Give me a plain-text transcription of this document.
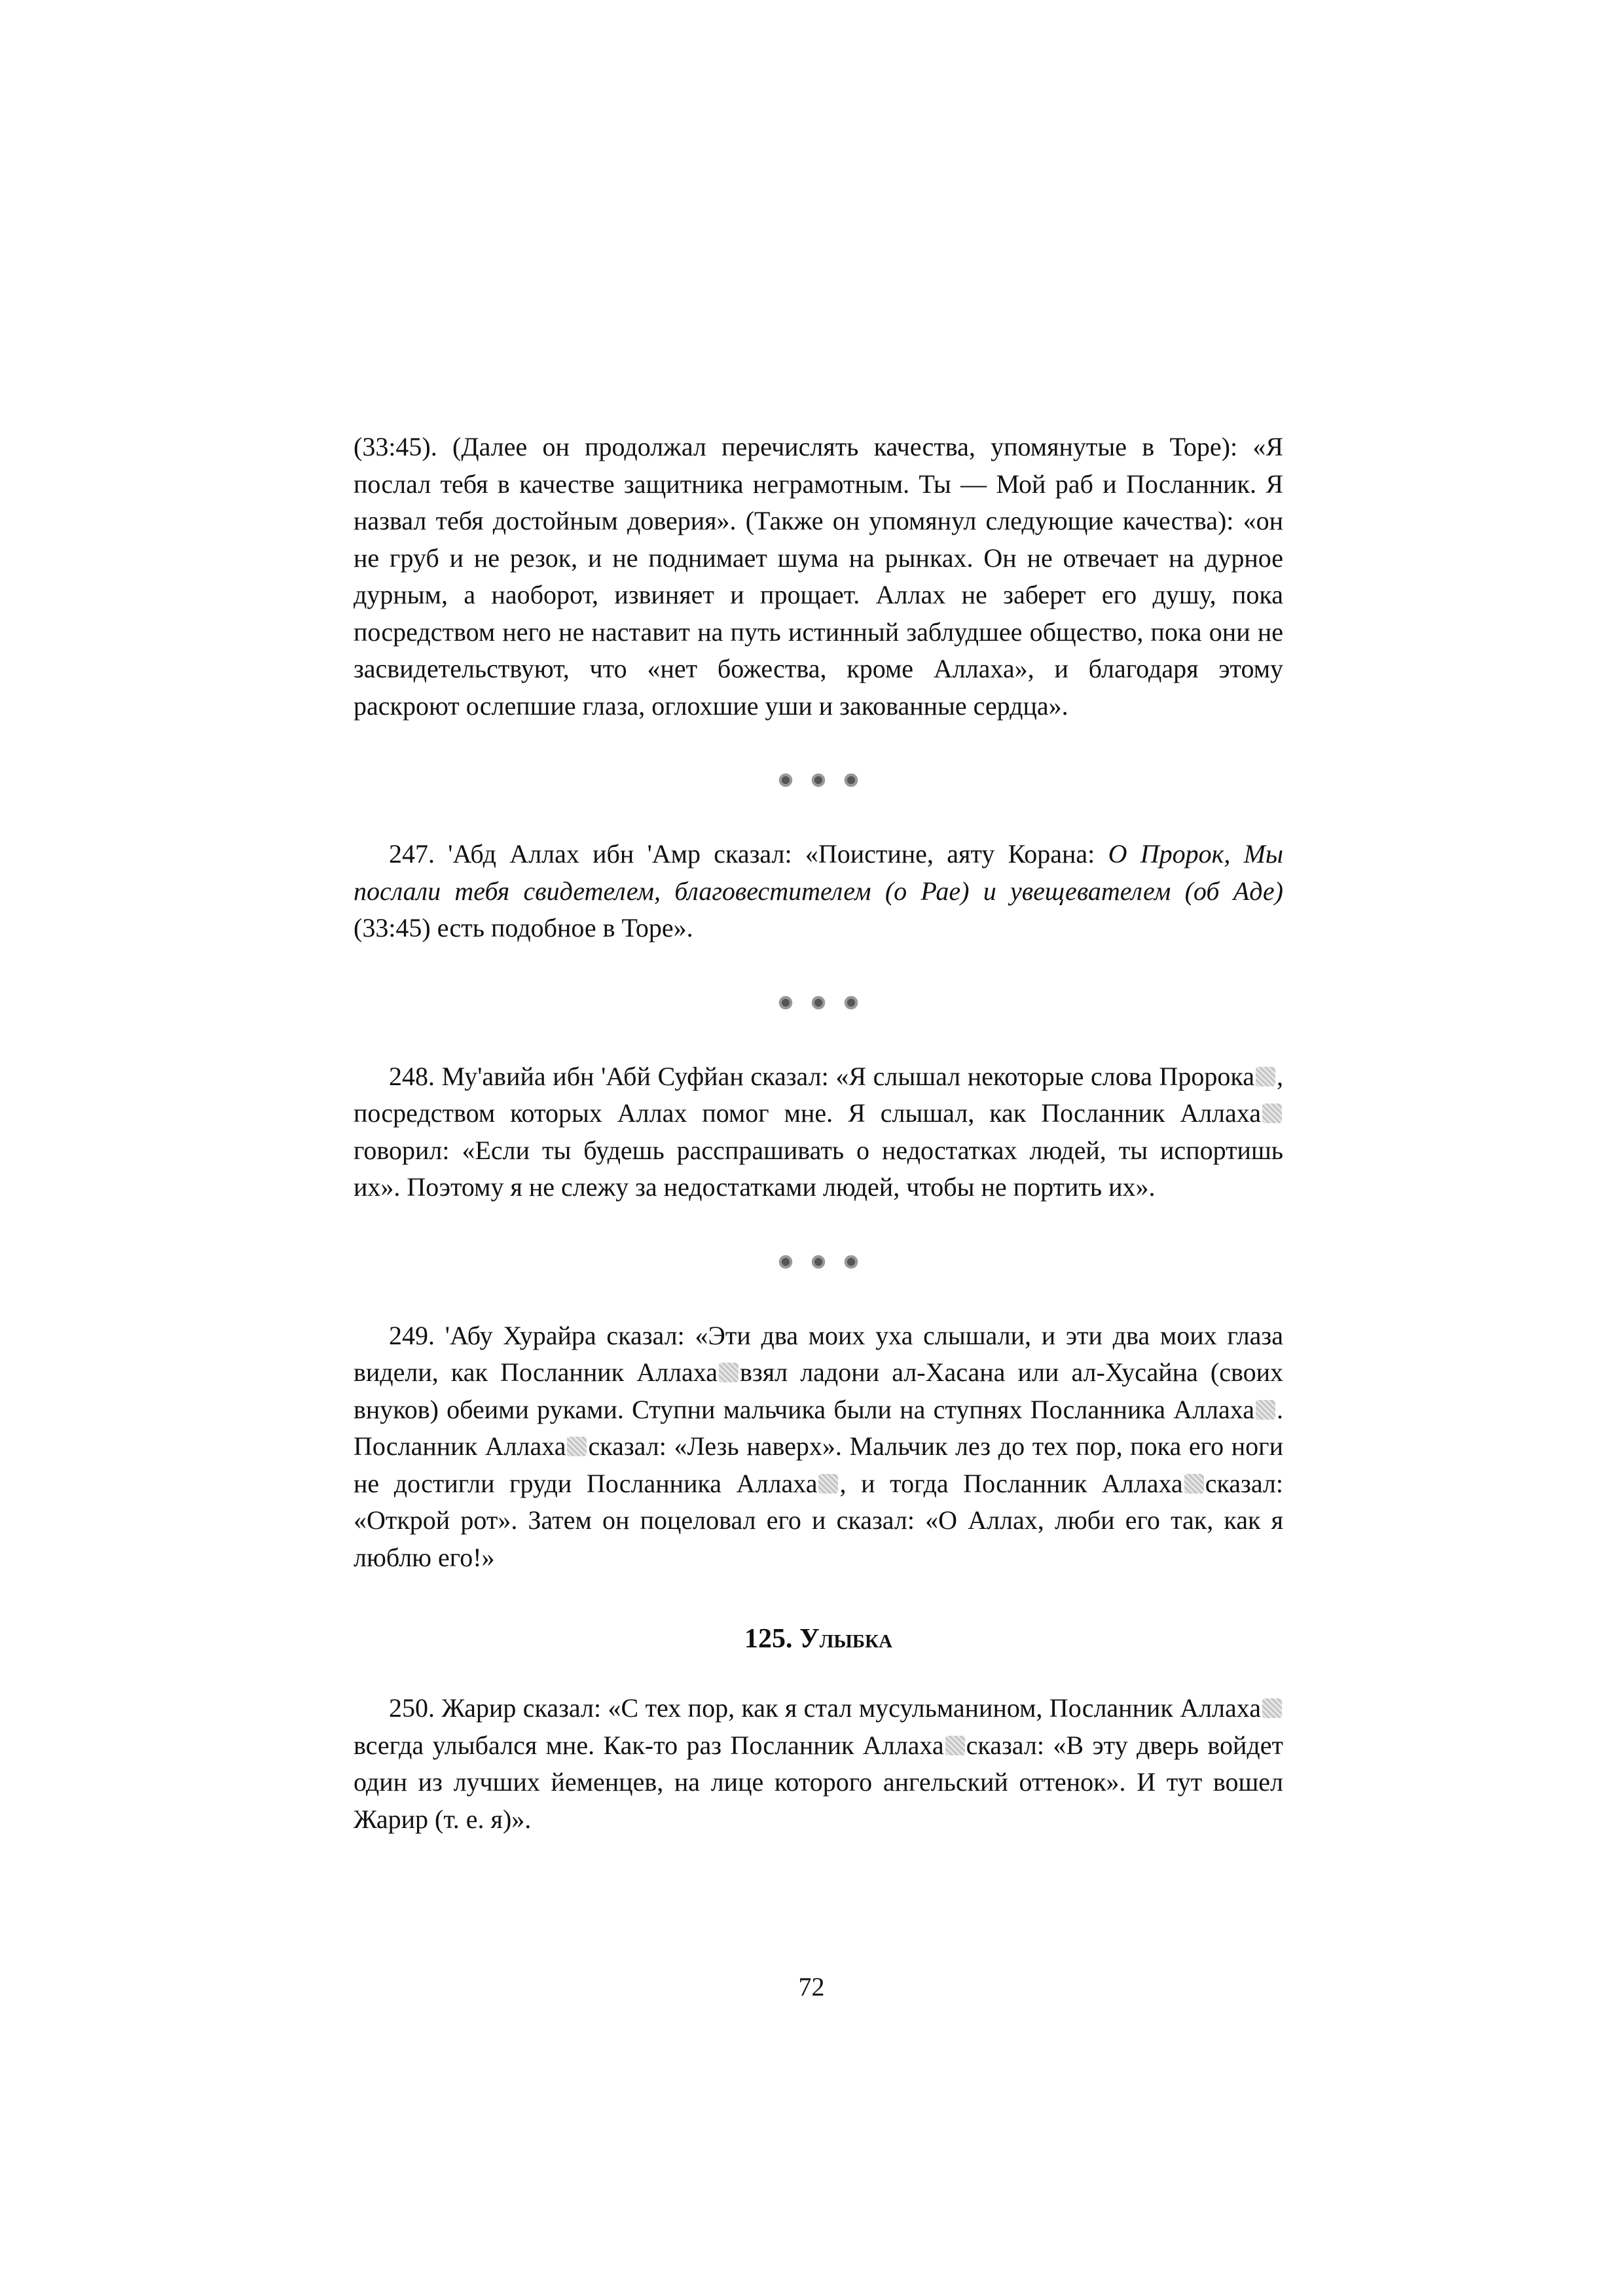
(33:45). (Далее он продолжал перечислять качества, упомянутые в Торе): «Я послал тебя в качестве защитника неграмотным. Ты — Мой раб и Посланник. Я назвал тебя достойным доверия». (Также он упомянул следующие качества): «он не груб и не резок, и не поднимает шума на рынках. Он не отвечает на дурное дурным, а наоборот, извиняет и прощает. Аллах не заберет его душу, пока посредством него не наставит на путь истинный заблудшее общество, пока они не засвидетельствуют, что «нет божества, кроме Аллаха», и благодаря этому раскроют ослепшие глаза, оглохшие уши и закованные сердца».

247. 'Абд Аллах ибн 'Амр сказал: «Поистине, аяту Корана: О Пророк, Мы послали тебя свидетелем, благовестителем (о Рае) и увещевателем (об Аде) (33:45) есть подобное в Торе».

248. Му'авийа ибн 'Абй Суфйан сказал: «Я слышал некоторые слова Пророка , посредством которых Аллах помог мне. Я слышал, как Посланник Аллахаговорил: «Если ты будешь расспрашивать о недостатках людей, ты испортишь их». Поэтому я не слежу за недостатками людей, чтобы не портить их».

249. 'Абу Хурайра сказал: «Эти два моих уха слышали, и эти два моих глаза видели, как Посланник Аллаха взял ладони ал-Хасана или ал-Хусайна (своих внуков) обеими руками. Ступни мальчика были на ступнях Посланника Аллаха . Посланник Аллаха сказал: «Лезь наверх». Мальчик лез до тех пор, пока его ноги не достигли груди Посланника Аллаха , и тогда Посланник Аллаха сказал: «Открой рот». Затем он поцеловал его и сказал: «О Аллах, люби его так, как я люблю его!»

125. Улыбка

250. Жарир сказал: «С тех пор, как я стал мусульманином, Посланник Аллахавсегда улыбался мне. Как-то раз Посланник Аллаха сказал: «В эту дверь войдет один из лучших йеменцев, на лице которого ангельский оттенок». И тут вошел Жарир (т. е. я)».

72
